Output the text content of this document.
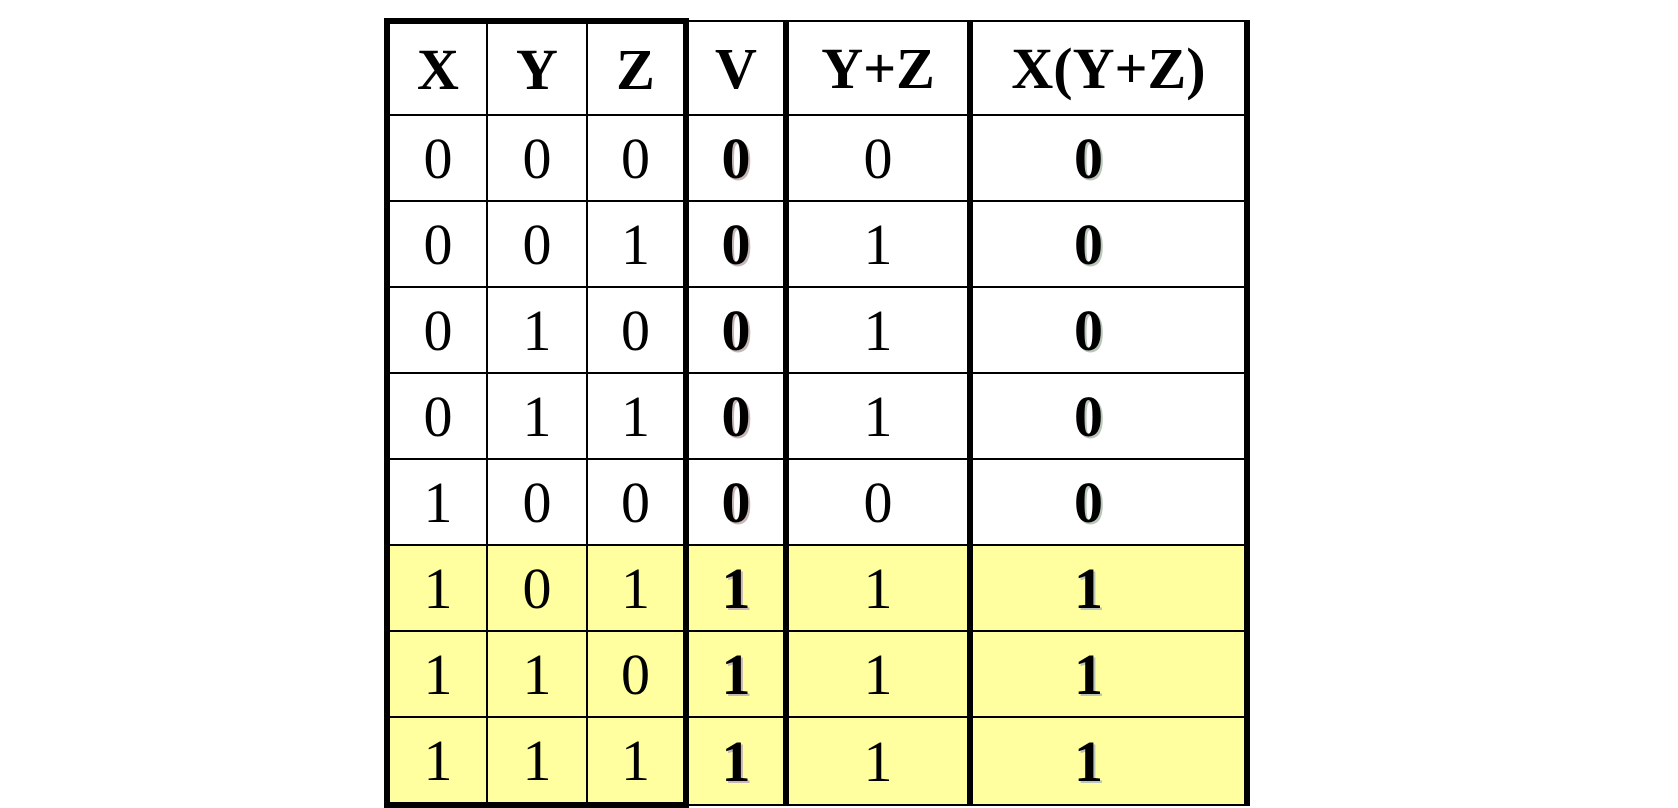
X	Y	Z	V	Y+Z	X(Y+Z)
0	0	0	0	0	0
0	0	1	0	1	0
0	1	0	0	1	0
0	1	1	0	1	0
1	0	0	0	0	0
1	0	1	1	1	1
1	1	0	1	1	1
1	1	1	1	1	1
